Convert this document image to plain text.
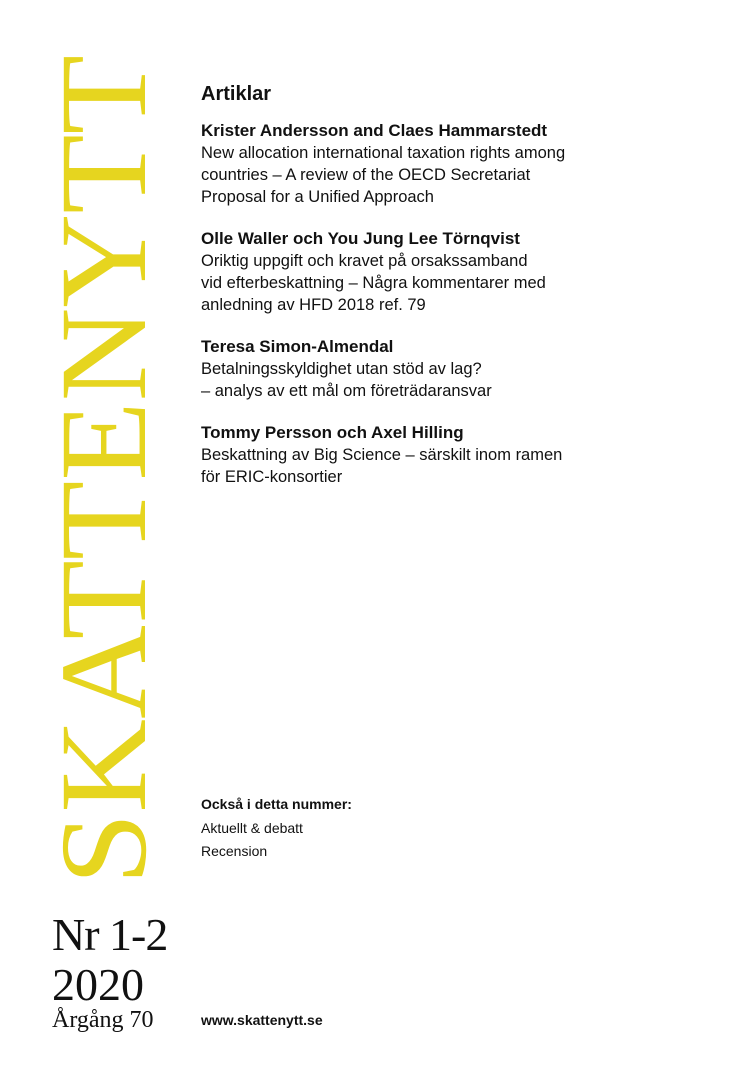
SKATTENYTT
Nr 1-2
2020
Årgång 70
Artiklar
Krister Andersson and Claes Hammarstedt
New allocation international taxation rights among
countries – A review of the OECD Secretariat
Proposal for a Unified Approach
Olle Waller och You Jung Lee Törnqvist
Oriktig uppgift och kravet på orsakssamband
vid efterbeskattning – Några kommentarer med
anledning av HFD 2018 ref. 79
Teresa Simon-Almendal
Betalningsskyldighet utan stöd av lag?
– analys av ett mål om företrädaransvar
Tommy Persson och Axel Hilling
Beskattning av Big Science – särskilt inom ramen
för ERIC-konsortier
Också i detta nummer:
Aktuellt & debatt
Recension
www.skattenytt.se
